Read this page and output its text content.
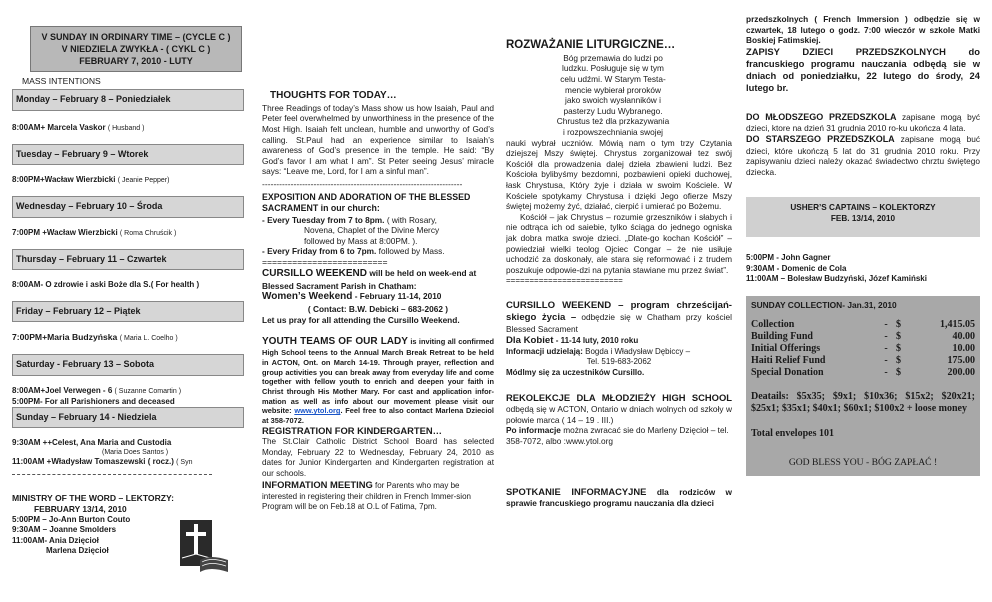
V SUNDAY IN ORDINARY TIME – (CYCLE C )
V NIEDZIELA ZWYKŁA - ( CYKL C )
FEBRUARY 7, 2010 - LUTY
MASS INTENTIONS
Monday – February 8 – Poniedziałek
8:00AM+ Marcela Vaskor ( Husband )
Tuesday – February 9 – Wtorek
8:00PM+Wacław Wierzbicki ( Jeanie Pepper)
Wednesday – February 10 – Środa
7:00PM +Wacław Wierzbicki ( Roma Chruścik )
Thursday – February 11 – Czwartek
8:00AM- O zdrowie i aski Boże dla S.( For health )
Friday – February 12 – Piątek
7:00PM+Maria Budzyńska ( Maria L. Coelho )
Saturday - February 13 – Sobota
8:00AM+Joel Verwegen - 6 ( Suzanne Comartin )
5:00PM- For all Parishioners and deceased
Sunday – February 14 - Niedziela
9:30AM ++Celest, Ana Maria and Custodia
(Maria Does Santos )
11:00AM +Władysław Tomaszewski ( rocz.) ( Syn
MINISTRY OF THE WORD – LEKTORZY:
FEBRUARY 13/14, 2010
5:00PM – Jo-Ann Burton Couto
9:30AM – Joanne Smolders
11:00AM- Ania Dzięcioł
Marlena Dzięcioł
THOUGHTS FOR TODAY…

Three Readings of today’s Mass show us how Isaiah, Paul and Peter feel overwhelmed by unworthiness in the presence of the Most High. Isaiah felt unclean, humble and unworthy of God’s calling. St.Paul had an experience similar to Isaiah’s awareness of God’s presence in the temple. He said: “By God’s favor I am what I am”. St Peter seeing Jesus’ miracle says: “Leave me, Lord, for I am a sinful man”.

----------------------------------------------------------------------

EXPOSITION AND ADORATION OF THE BLESSED SACRAMENT in our church:

- Every Tuesday from 7 to 8pm. ( with Rosary,

Novena, Chaplet of the Divine Mercy

followed by Mass at 8:00PM. ).

- Every Friday from 6 to 7pm. followed by Mass.

=========================

CURSILLO WEEKEND will be held on week-end at Blessed Sacrament Parish in Chatham:

Women’s Weekend - February 11-14, 2010

( Contact: B.W. Debicki – 683-2062 )

Let us pray for all attending the Cursillo Weekend.

YOUTH TEAMS OF OUR LADY is inviting all confirmed High School teens to the Annual March Break Retreat to be held in ACTON, Ont. on March 14-19. Through prayer, reflection and group activities you can break away from everyday life and come together with fellow youth to enrich and deepen your faith in Christ through His Mother Mary. For cast and application infor-mation as well as info about our movement please visit our website: www.ytol.org. Feel free to also contact Marlena Dzieciol at 358-7072.

REGISTRATION FOR KINDERGARTEN…

The St.Clair Catholic District School Board has selected Monday, February 22 to Wednesday, February 24, 2010 as dates for Junior Kindergarten and Kindergarten registration at our schools.

INFORMATION MEETING for Parents who may be interested in registering their children in French Immer-sion Program will be on Feb.18 at O.L of Fatima, 7pm.

ROZWAŻANIE LITURGICZNE…
Bóg przemawia do ludzi po
ludzku. Posługuje się w tym
celu udźmi. W Starym Testa-
mencie wybierał proroków
jako swoich wysłanników i
pasterzy Ludu Wybranego.
Chrustus też dla przkazywania
i rozpowszechniania swojej

nauki wybrał uczniów. Mówią nam o tym trzy Czytania dziejszej Mszy świętej. Chrystus zorganizował tez swój Kościół dla prowadzenia dalej dzieła zbawieni ludzi. Bez Kościoła bylibyśmy bezdomni, pozbawieni opieki duchowej, łask Chrystusa, Który żyje i działa w swoim Kościele. W Kościele spotykamy Chrystusa i dzięki Jego ofierze Mszy świętej możemy żyć, działać, cierpić i umierać po Bożemu.

Kościół – jak Chrystus – rozumie grzeszników i słabych i nie odtrąca ich od saiebie, tylko ściąga do jednego ogniska jak dobra matka swoje dzieci. „Dlate-go kochan Kościół” – powiedział wielki teolog Ojciec Congar – że nie usiłuje uchodzić za doskonały, ale stara się reformować i z trudem poszukuje odpowie-dzi na pytania stawiane mu przez świat”.

=========================

CURSILLO WEEKEND – program chrześcijań-skiego życia – odbędzie się w Chatham przy kościel Blessed Sacrament

Dla Kobiet - 11-14 luty, 2010 roku

Informacji udzielają: Bogda i Władysław Dębiccy –

Tel. 519-683-2062

Módlmy się za uczestników Cursillo.

REKOLEKCJE DLA MŁODZIEŻY HIGH SCHOOL odbędą się w ACTON, Ontario w dniach wolnych od szkoły w połowie marca ( 14 – 19 . III.)

Po informacje można zwracać sie do Marleny Dzięcioł – tel. 358-7072, albo :www.ytol.org

SPOTKANIE INFORMACYJNE dla rodziców w sprawie francuskiego programu nauczania dla dzieci

przedszkolnych ( French Immersion ) odbędzie się w czwartek, 18 lutego o godz. 7:00 wieczór w szkole Matki Boskiej Fatimskiej.

ZAPISY DZIECI PRZEDSZKOLNYCH do francuskiego programu nauczania odbędą sie w dniach od poniedziałku, 22 lutego do środy, 24 lutego br.

DO MŁODSZEGO PRZEDSZKOLA zapisane mogą być dzieci, ktore na dzień 31 grudnia 2010 ro-ku ukończa 4 lata.

DO STARSZEGO PRZEDSZKOLA zapisane mogą buć dzieci, które ukończą 5 lat do 31 grudnia 2010 roku. Przy zapisywaniu dzieci należy okazać świadectwo chrztu świętego dziecka.

USHER’S CAPTAINS – KOLEKTORZY
FEB. 13/14, 2010

5:00PM - John Gagner

9:30AM - Domenic de Cola

11:00AM – Bolesław Budzyński, Józef Kamiński

SUNDAY COLLECTION- Jan.31, 2010
Collection	- $	1,415.05
Building Fund	- $	40.00
Initial Offerings	- $	10.00
Haiti Relief Fund	- $	175.00
Special Donation	- $	200.00
Deatails: $5x35; $9x1; $10x36; $15x2; $20x21; $25x1; $35x1; $40x1; $60x1; $100x2 + loose money
Total envelopes 101
GOD BLESS YOU - BÓG ZAPŁAĆ !
